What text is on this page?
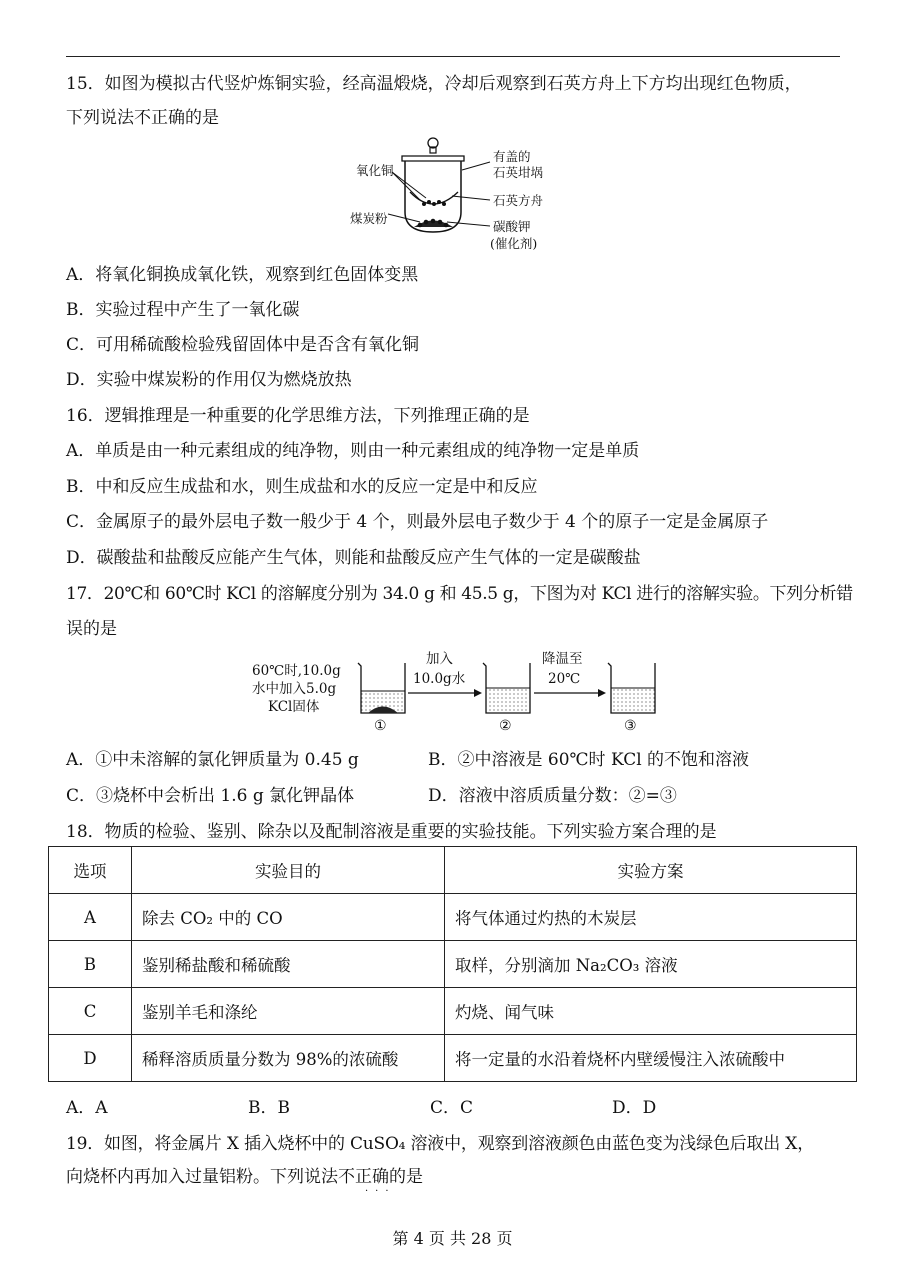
15．如图为模拟古代竖炉炼铜实验，经高温煅烧，冷却后观察到石英方舟上下方均出现红色物质，
下列说法不正确的是
氧化铜
煤炭粉
有盖的
石英坩埚
石英方舟
碳酸钾
(催化剂)
A．将氧化铜换成氧化铁，观察到红色固体变黑
B．实验过程中产生了一氧化碳
C．可用稀硫酸检验残留固体中是否含有氧化铜
D．实验中煤炭粉的作用仅为燃烧放热
16．逻辑推理是一种重要的化学思维方法，下列推理正确的是
A．单质是由一种元素组成的纯净物，则由一种元素组成的纯净物一定是单质
B．中和反应生成盐和水，则生成盐和水的反应一定是中和反应
C．金属原子的最外层电子数一般少于 4 个，则最外层电子数少于 4 个的原子一定是金属原子
D．碳酸盐和盐酸反应能产生气体，则能和盐酸反应产生气体的一定是碳酸盐
17．20℃和 60℃时 KCl 的溶解度分别为 34.0 g 和 45.5 g，下图为对 KCl 进行的溶解实验。下列分析错
误的是
60℃时,10.0g
水中加入5.0g
KCl固体
加入
10.0g水
降温至
20℃
①	②	③
A．①中未溶解的氯化钾质量为 0.45 g	B．②中溶液是 60℃时 KCl 的不饱和溶液
C．③烧杯中会析出 1.6 g 氯化钾晶体	D．溶液中溶质质量分数：②=③
18．物质的检验、鉴别、除杂以及配制溶液是重要的实验技能。下列实验方案合理的是
选项	实验目的	实验方案
A	除去 CO₂ 中的 CO	将气体通过灼热的木炭层
B	鉴别稀盐酸和稀硫酸	取样，分别滴加 Na₂CO₃ 溶液
C	鉴别羊毛和涤纶	灼烧、闻气味
D	稀释溶质质量分数为 98%的浓硫酸	将一定量的水沿着烧杯内壁缓慢注入浓硫酸中
A．A	B．B	C．C	D．D
19．如图，将金属片 X 插入烧杯中的 CuSO₄ 溶液中，观察到溶液颜色由蓝色变为浅绿色后取出 X，
向烧杯内再加入过量铝粉。下列说法不正确的是
···
第 4 页 共 28 页
